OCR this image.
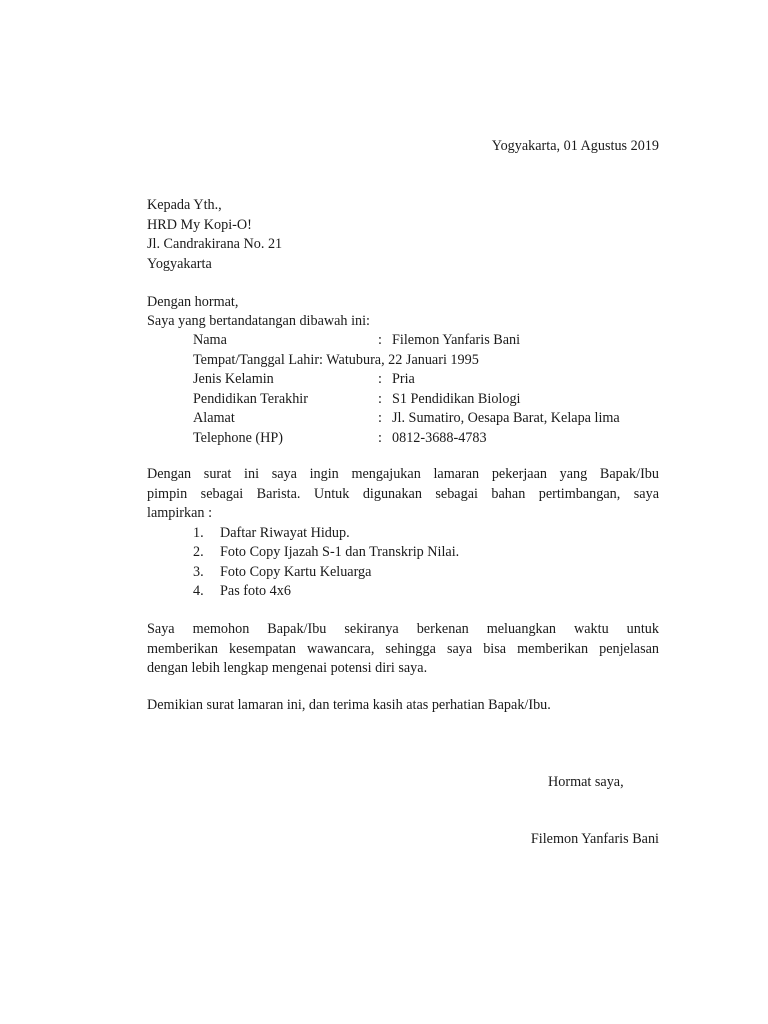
Yogyakarta, 01 Agustus 2019
Kepada Yth.,
HRD My Kopi-O!
Jl. Candrakirana No. 21
Yogyakarta
Dengan hormat,
Saya yang bertandatangan dibawah ini:
Nama	: Filemon Yanfaris Bani
Tempat/Tanggal Lahir: Watubura, 22 Januari 1995
Jenis Kelamin	: Pria
Pendidikan Terakhir	: S1 Pendidikan Biologi
Alamat	: Jl. Sumatiro, Oesapa Barat, Kelapa lima
Telephone (HP)	: 0812-3688-4783
Dengan surat ini saya ingin mengajukan lamaran pekerjaan yang Bapak/Ibu
pimpin sebagai Barista. Untuk digunakan sebagai bahan pertimbangan, saya
lampirkan :
1.	Daftar Riwayat Hidup.
2.	Foto Copy Ijazah S-1 dan Transkrip Nilai.
3.	Foto Copy Kartu Keluarga
4.	Pas foto 4x6
Saya memohon Bapak/Ibu sekiranya berkenan meluangkan waktu untuk
memberikan kesempatan wawancara, sehingga saya bisa memberikan penjelasan
dengan lebih lengkap mengenai potensi diri saya.
Demikian surat lamaran ini, dan terima kasih atas perhatian Bapak/Ibu.
Hormat saya,
Filemon Yanfaris Bani
